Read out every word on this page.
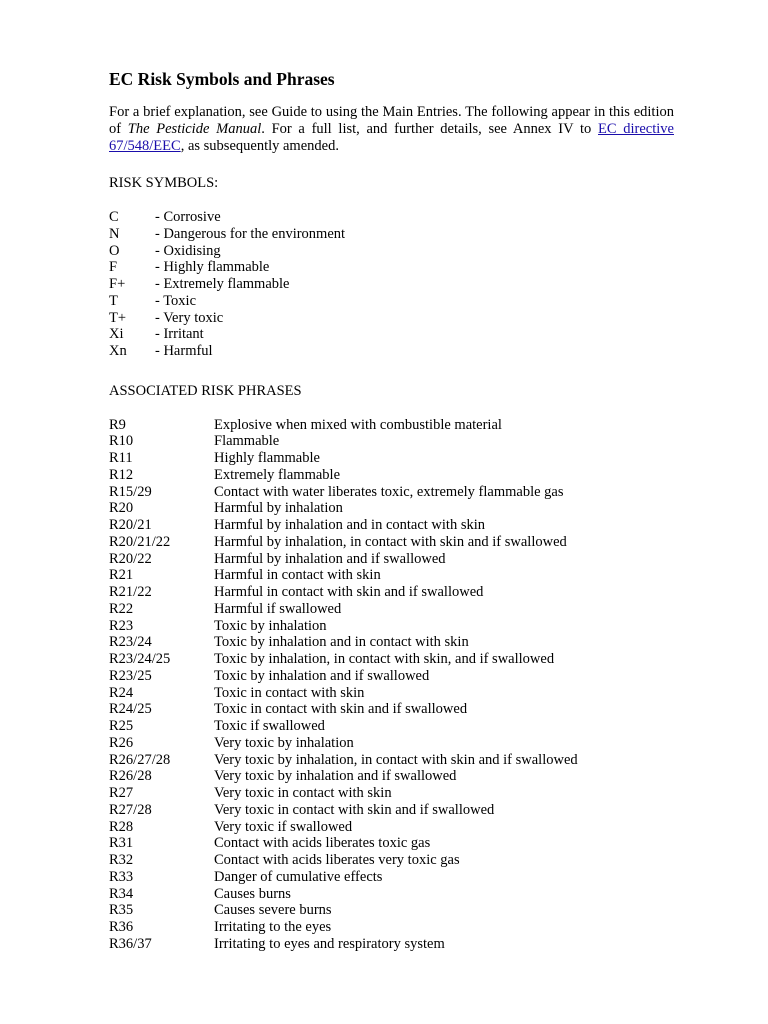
EC Risk Symbols and Phrases

For a brief explanation, see Guide to using the Main Entries. The following appear in this edition of The Pesticide Manual. For a full list, and further details, see Annex IV to EC directive 67/548/EEC, as subsequently amended.

RISK SYMBOLS:

C	- Corrosive
N	- Dangerous for the environment
O	- Oxidising
F	- Highly flammable
F+	- Extremely flammable
T	- Toxic
T+	- Very toxic
Xi	- Irritant
Xn	- Harmful

ASSOCIATED RISK PHRASES

R9	Explosive when mixed with combustible material
R10	Flammable
R11	Highly flammable
R12	Extremely flammable
R15/29	Contact with water liberates toxic, extremely flammable gas
R20	Harmful by inhalation
R20/21	Harmful by inhalation and in contact with skin
R20/21/22	Harmful by inhalation, in contact with skin and if swallowed
R20/22	Harmful by inhalation and if swallowed
R21	Harmful in contact with skin
R21/22	Harmful in contact with skin and if swallowed
R22	Harmful if swallowed
R23	Toxic by inhalation
R23/24	Toxic by inhalation and in contact with skin
R23/24/25	Toxic by inhalation, in contact with skin, and if swallowed
R23/25	Toxic by inhalation and if swallowed
R24	Toxic in contact with skin
R24/25	Toxic in contact with skin and if swallowed
R25	Toxic if swallowed
R26	Very toxic by inhalation
R26/27/28	Very toxic by inhalation, in contact with skin and if swallowed
R26/28	Very toxic by inhalation and if swallowed
R27	Very toxic in contact with skin
R27/28	Very toxic in contact with skin and if swallowed
R28	Very toxic if swallowed
R31	Contact with acids liberates toxic gas
R32	Contact with acids liberates very toxic gas
R33	Danger of cumulative effects
R34	Causes burns
R35	Causes severe burns
R36	Irritating to the eyes
R36/37	Irritating to eyes and respiratory system
